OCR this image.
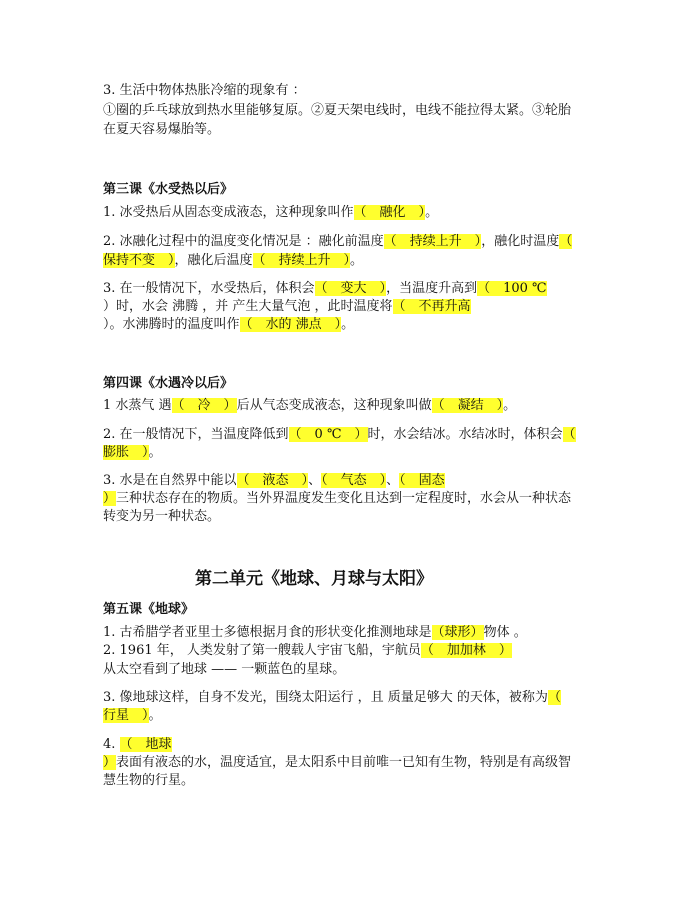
3. 生活中物体热胀冷缩的现象有 ：
①圈的乒乓球放到热水里能够复原。②夏天架电线时，电线不能拉得太紧。③轮胎
在夏天容易爆胎等。
第三课《水受热以后》
1. 冰受热后从固态变成液态，这种现象叫作（　融化　）。
2. 冰融化过程中的温度变化情况是 ：融化前温度（　持续上升　），融化时温度（
保持不变　），融化后温度（　持续上升　）。
3. 在一般情况下，水受热后，体积会（　变大　），当温度升高到（　100 ℃
）时，水会 沸腾 ，并 产生大量气泡 ，此时温度将（　不再升高
）。水沸腾时的温度叫作（　水的 沸点　）。
第四课《水遇冷以后》
1 水蒸气 遇（　冷　）后从气态变成液态，这种现象叫做（　凝结　）。
2. 在一般情况下，当温度降低到（　0 ℃　）时，水会结冰。水结冰时，体积会（
膨胀　）。
3. 水是在自然界中能以（　液态　）、（　气态　）、（　固态
）三种状态存在的物质。当外界温度发生变化且达到一定程度时，水会从一种状态
转变为另一种状态。
第二单元《地球、月球与太阳》
第五课《地球》
1. 古希腊学者亚里士多德根据月食的形状变化推测地球是（球形）物体 。
2. 1961 年， 人类发射了第一艘载人宇宙飞船，宇航员（　加加林　）
从太空看到了地球 —— 一颗蓝色的星球。
3. 像地球这样，自身不发光，围绕太阳运行 ，且 质量足够大 的天体，被称为（
行星　）。
4. （　地球
）表面有液态的水，温度适宜，是太阳系中目前唯一已知有生物，特别是有高级智
慧生物的行星。
